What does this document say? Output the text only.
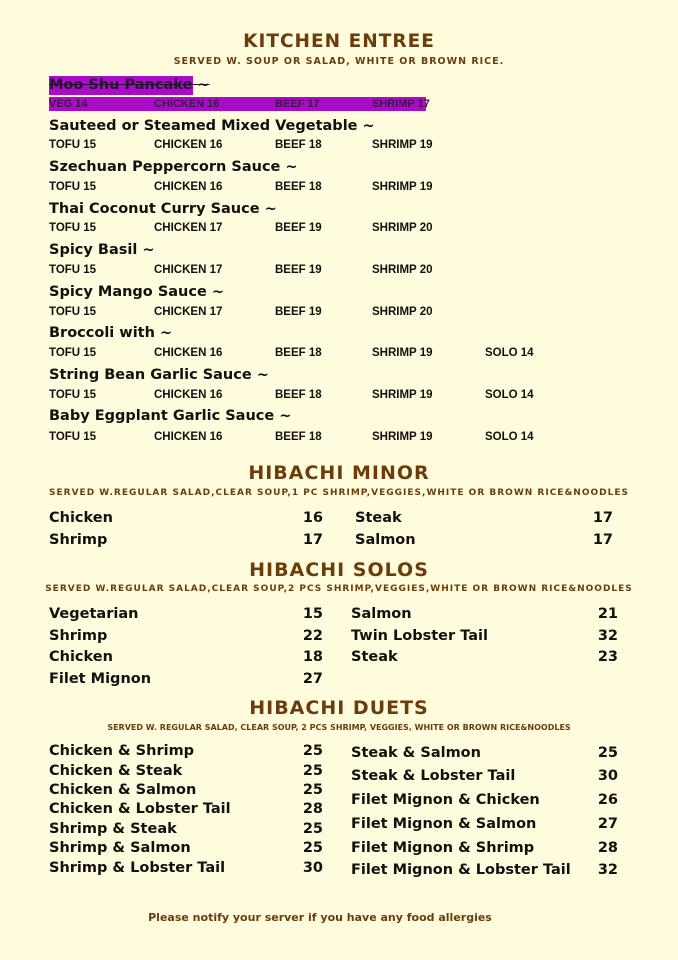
KITCHEN ENTREE
SERVED W. SOUP OR SALAD, WHITE OR BROWN RICE.
Moo Shu Pancake ~
VEG 14	CHICKEN 16	BEEF 17	SHRIMP 17
Sauteed or Steamed Mixed Vegetable ~
TOFU 15	CHICKEN 16	BEEF 18	SHRIMP 19
Szechuan Peppercorn Sauce ~
TOFU 15	CHICKEN 16	BEEF 18	SHRIMP 19
Thai Coconut Curry Sauce ~
TOFU 15	CHICKEN 17	BEEF 19	SHRIMP 20
Spicy Basil ~
TOFU 15	CHICKEN 17	BEEF 19	SHRIMP 20
Spicy Mango Sauce ~
TOFU 15	CHICKEN 17	BEEF 19	SHRIMP 20
Broccoli with ~
TOFU 15	CHICKEN 16	BEEF 18	SHRIMP 19	SOLO 14
String Bean Garlic Sauce ~
TOFU 15	CHICKEN 16	BEEF 18	SHRIMP 19	SOLO 14
Baby Eggplant Garlic Sauce ~
TOFU 15	CHICKEN 16	BEEF 18	SHRIMP 19	SOLO 14
HIBACHI MINOR
SERVED W.REGULAR SALAD,CLEAR SOUP,1 PC SHRIMP,VEGGIES,WHITE OR BROWN RICE&NOODLES
Chicken	16
Shrimp	17
Steak	17
Salmon	17
HIBACHI SOLOS
SERVED W.REGULAR SALAD,CLEAR SOUP,2 PCS SHRIMP,VEGGIES,WHITE OR BROWN RICE&NOODLES
Vegetarian	15
Shrimp	22
Chicken	18
Filet Mignon	27
Salmon	21
Twin Lobster Tail	32
Steak	23
HIBACHI DUETS
SERVED W. REGULAR SALAD, CLEAR SOUP, 2 PCS SHRIMP, VEGGIES, WHITE OR BROWN RICE&NOODLES
Chicken & Shrimp	25
Chicken & Steak	25
Chicken & Salmon	25
Chicken & Lobster Tail	28
Shrimp & Steak	25
Shrimp & Salmon	25
Shrimp & Lobster Tail	30
Steak & Salmon	25
Steak & Lobster Tail	30
Filet Mignon & Chicken	26
Filet Mignon & Salmon	27
Filet Mignon & Shrimp	28
Filet Mignon & Lobster Tail	32
Please notify your server if you have any food allergies
